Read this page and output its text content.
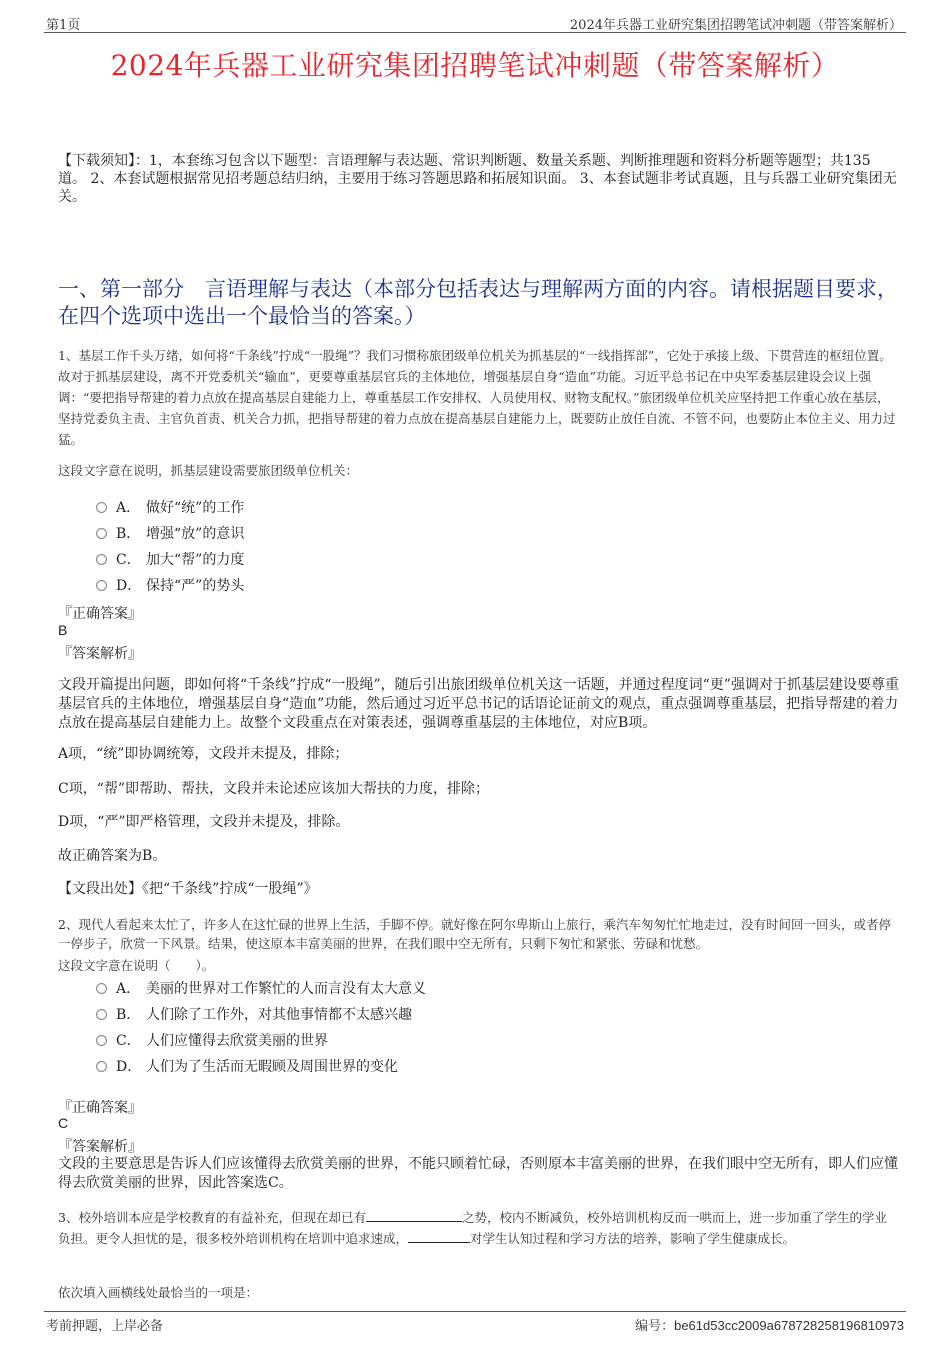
第1页	2024年兵器工业研究集团招聘笔试冲刺题（带答案解析）
2024年兵器工业研究集团招聘笔试冲刺题（带答案解析）
【下载须知】：1，本套练习包含以下题型：言语理解与表达题、常识判断题、数量关系题、判断推理题和资料分析题等题型；共135道。 2、本套试题根据常见招考题总结归纳，主要用于练习答题思路和拓展知识面。 3、本套试题非考试真题，且与兵器工业研究集团无关。
一、第一部分　言语理解与表达（本部分包括表达与理解两方面的内容。请根据题目要求，在四个选项中选出一个最恰当的答案。）
1、基层工作千头万绪，如何将“千条线”拧成“一股绳”？我们习惯称旅团级单位机关为抓基层的“一线指挥部”，它处于承接上级、下贯营连的枢纽位置。故对于抓基层建设，离不开党委机关“输血”，更要尊重基层官兵的主体地位，增强基层自身“造血”功能。习近平总书记在中央军委基层建设会议上强调：“要把指导帮建的着力点放在提高基层自建能力上，尊重基层工作安排权、人员使用权、财物支配权。”旅团级单位机关应坚持把工作重心放在基层，坚持党委负主责、主官负首责、机关合力抓，把指导帮建的着力点放在提高基层自建能力上，既要防止放任自流、不管不问，也要防止本位主义、用力过猛。
这段文字意在说明，抓基层建设需要旅团级单位机关：
A． 做好“统”的工作
B． 增强“放”的意识
C． 加大“帮”的力度
D． 保持“严”的势头
『正确答案』
B
『答案解析』
文段开篇提出问题，即如何将“千条线”拧成“一股绳”，随后引出旅团级单位机关这一话题，并通过程度词“更”强调对于抓基层建设要尊重基层官兵的主体地位，增强基层自身“造血”功能，然后通过习近平总书记的话语论证前文的观点，重点强调尊重基层，把指导帮建的着力点放在提高基层自建能力上。故整个文段重点在对策表述，强调尊重基层的主体地位，对应B项。
A项，“统”即协调统筹，文段并未提及，排除；
C项，“帮”即帮助、帮扶，文段并未论述应该加大帮扶的力度，排除；
D项，“严”即严格管理，文段并未提及，排除。
故正确答案为B。
【文段出处】《把“千条线”拧成“一股绳”》
2、现代人看起来太忙了，许多人在这忙碌的世界上生活，手脚不停。就好像在阿尔卑斯山上旅行，乘汽车匆匆忙忙地走过，没有时间回一回头，或者停一停步子，欣赏一下风景。结果，使这原本丰富美丽的世界，在我们眼中空无所有，只剩下匆忙和紧张、劳碌和忧愁。
这段文字意在说明（　　）。
A． 美丽的世界对工作繁忙的人而言没有太大意义
B． 人们除了工作外，对其他事情都不太感兴趣
C． 人们应懂得去欣赏美丽的世界
D． 人们为了生活而无暇顾及周围世界的变化
『正确答案』
C
『答案解析』
文段的主要意思是告诉人们应该懂得去欣赏美丽的世界，不能只顾着忙碌，否则原本丰富美丽的世界，在我们眼中空无所有，即人们应懂得去欣赏美丽的世界，因此答案选C。
3、校外培训本应是学校教育的有益补充，但现在却已有	之势，校内不断减负，校外培训机构反而一哄而上，进一步加重了学生的学业负担。更令人担忧的是，很多校外培训机构在培训中追求速成，	对学生认知过程和学习方法的培养，影响了学生健康成长。
依次填入画横线处最恰当的一项是：
考前押题，上岸必备	编号：be61d53cc2009a678728258196810973
